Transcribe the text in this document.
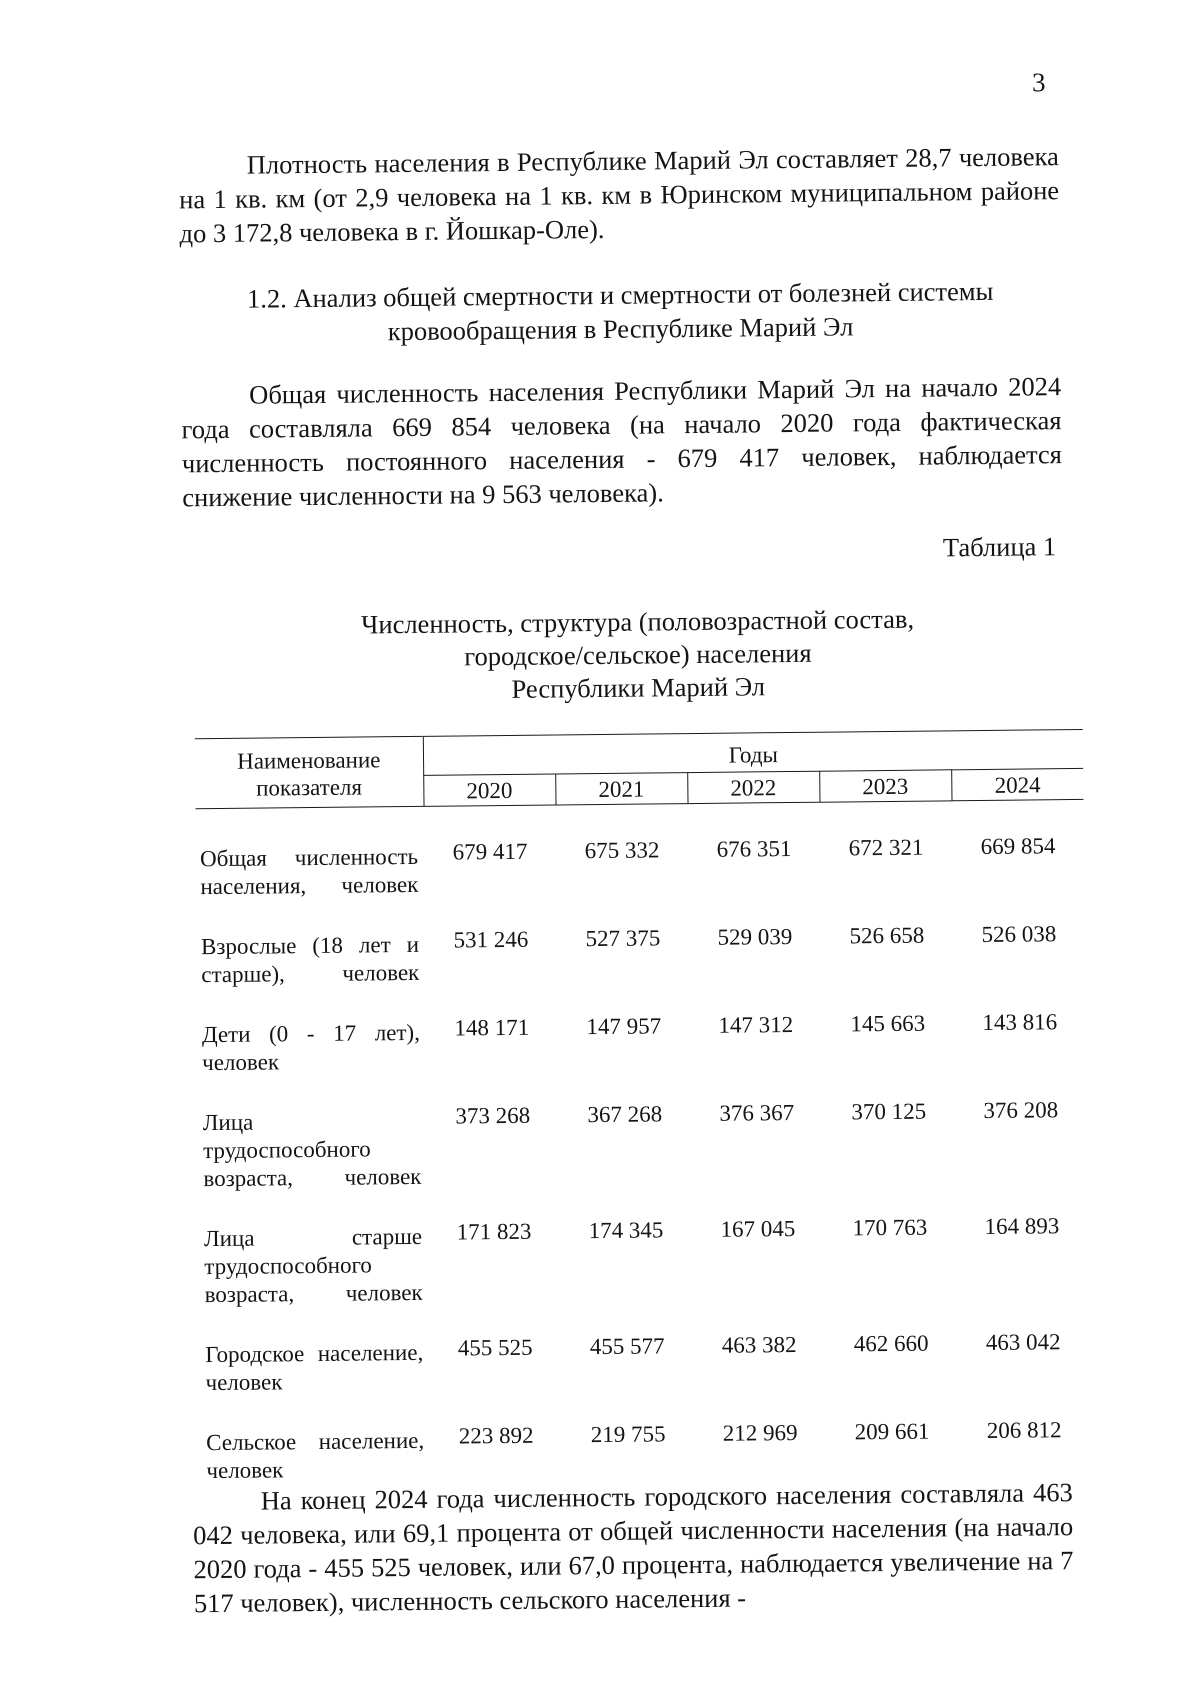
3
Плотность населения в Республике Марий Эл составляет 28,7 человека на 1 кв. км (от 2,9 человека на 1 кв. км в Юринском муниципальном районе до 3 172,8 человека в г. Йошкар-Оле).
1.2. Анализ общей смертности и смертности от болезней системы
кровообращения в Республике Марий Эл
Общая численность населения Республики Марий Эл на начало 2024 года составляла 669 854 человека (на начало 2020 года фактическая численность постоянного населения - 679 417 человек, наблюдается снижение численности на 9 563 человека).
Таблица 1
Численность, структура (половозрастной состав,
городское/сельское) населения
Республики Марий Эл
Наименование показателя	Годы				
	2020	2021	2022	2023	2024

Общая численность населения, человек	679 417	675 332	676 351	672 321	669 854
Взрослые (18 лет и старше), человек	531 246	527 375	529 039	526 658	526 038
Дети (0 - 17 лет), человек	148 171	147 957	147 312	145 663	143 816
Лица трудоспособного возраста, человек	373 268	367 268	376 367	370 125	376 208
Лица старше трудоспособного возраста, человек	171 823	174 345	167 045	170 763	164 893
Городское население, человек	455 525	455 577	463 382	462 660	463 042
Сельское население, человек	223 892	219 755	212 969	209 661	206 812
На конец 2024 года численность городского населения составляла 463 042 человека, или 69,1 процента от общей численности населения (на начало 2020 года - 455 525 человек, или 67,0 процента, наблюдается увеличение на 7 517 человек), численность сельского населения -
